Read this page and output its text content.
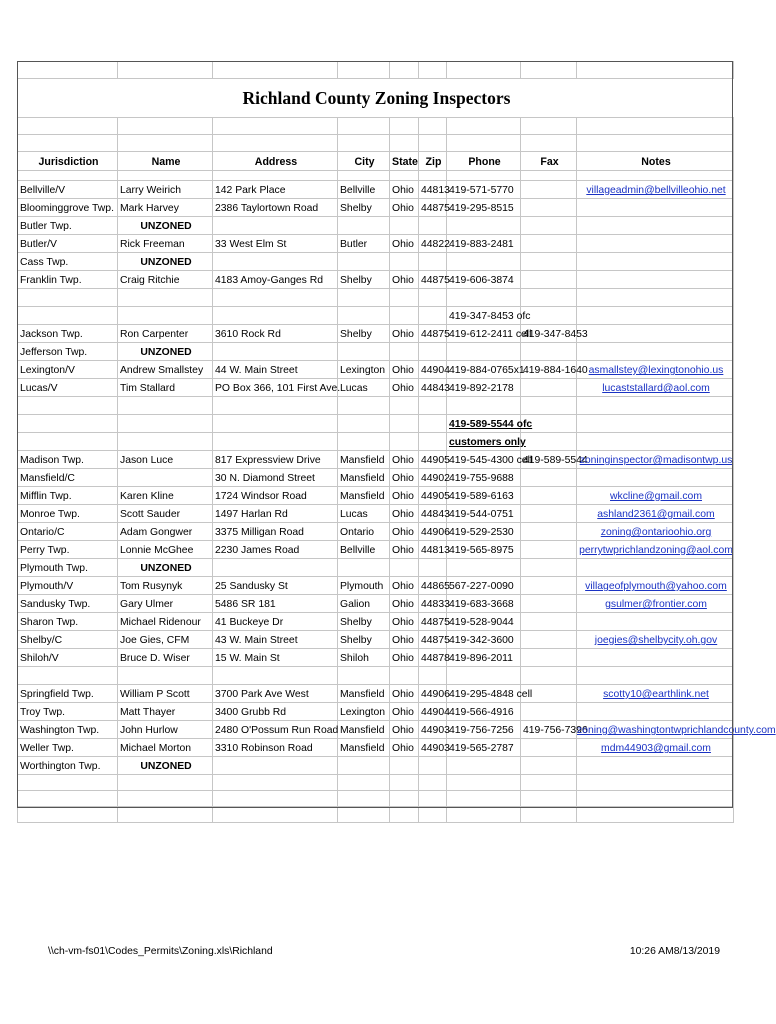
Richland County Zoning Inspectors								

Jurisdiction	Name	Address	City	State	Zip	Phone	Fax	Notes

Bellville/V	Larry Weirich	142 Park Place	Bellville	Ohio	44813	419-571-5770		villageadmin@bellvilleohio.net
Bloominggrove Twp.	Mark Harvey	2386 Taylortown Road	Shelby	Ohio	44875	419-295-8515		
Butler Twp.	UNZONED							
Butler/V	Rick Freeman	33 West Elm St	Butler	Ohio	44822	419-883-2481		
Cass Twp.	UNZONED							
Franklin Twp.	Craig Ritchie	4183 Amoy-Ganges Rd	Shelby	Ohio	44875	419-606-3874		

						419-347-8453 ofc		
Jackson Twp.	Ron Carpenter	3610 Rock Rd	Shelby	Ohio	44875	419-612-2411 cell	419-347-8453	
Jefferson Twp.	UNZONED							
Lexington/V	Andrew Smallstey	44 W. Main Street	Lexington	Ohio	44904	419-884-0765x1	419-884-1640	asmallstey@lexingtonohio.us
Lucas/V	Tim Stallard	PO Box 366, 101 First Ave.	Lucas	Ohio	44843	419-892-2178		lucaststallard@aol.com

						419-589-5544 ofc		
						customers only		
Madison Twp.	Jason Luce	817 Expressview Drive	Mansfield	Ohio	44905	419-545-4300 cell	419-589-5544	zoninginspector@madisontwp.us
Mansfield/C		30 N. Diamond Street	Mansfield	Ohio	44902	419-755-9688		
Mifflin Twp.	Karen Kline	1724 Windsor Road	Mansfield	Ohio	44905	419-589-6163		wkcline@gmail.com
Monroe Twp.	Scott Sauder	1497 Harlan Rd	Lucas	Ohio	44843	419-544-0751		ashland2361@gmail.com
Ontario/C	Adam Gongwer	3375 Milligan Road	Ontario	Ohio	44906	419-529-2530		zoning@ontarioohio.org
Perry Twp.	Lonnie McGhee	2230 James Road	Bellville	Ohio	44813	419-565-8975		perrytwprichlandzoning@aol.com
Plymouth Twp.	UNZONED							
Plymouth/V	Tom Rusynyk	25 Sandusky St	Plymouth	Ohio	44865	567-227-0090		villageofplymouth@yahoo.com
Sandusky Twp.	Gary Ulmer	5486 SR 181	Galion	Ohio	44833	419-683-3668		gsulmer@frontier.com
Sharon Twp.	Michael Ridenour	41 Buckeye Dr	Shelby	Ohio	44875	419-528-9044		
Shelby/C	Joe Gies, CFM	43 W. Main Street	Shelby	Ohio	44875	419-342-3600		joegies@shelbycity.oh.gov
Shiloh/V	Bruce D. Wiser	15 W. Main St	Shiloh	Ohio	44878	419-896-2011		

Springfield Twp.	William P Scott	3700 Park Ave West	Mansfield	Ohio	44906	419-295-4848 cell		scotty10@earthlink.net
Troy Twp.	Matt Thayer	3400 Grubb Rd	Lexington	Ohio	44904	419-566-4916		
Washington Twp.	John Hurlow	2480 O'Possum Run Road	Mansfield	Ohio	44903	419-756-7256	419-756-7396	zoning@washingtontwprichlandcounty.com
Weller Twp.	Michael Morton	3310 Robinson Road	Mansfield	Ohio	44903	419-565-2787		mdm44903@gmail.com
Worthington Twp.	UNZONED							

\\ch-vm-fs01\Codes_Permits\Zoning.xls\Richland	10:26 AM8/13/2019
